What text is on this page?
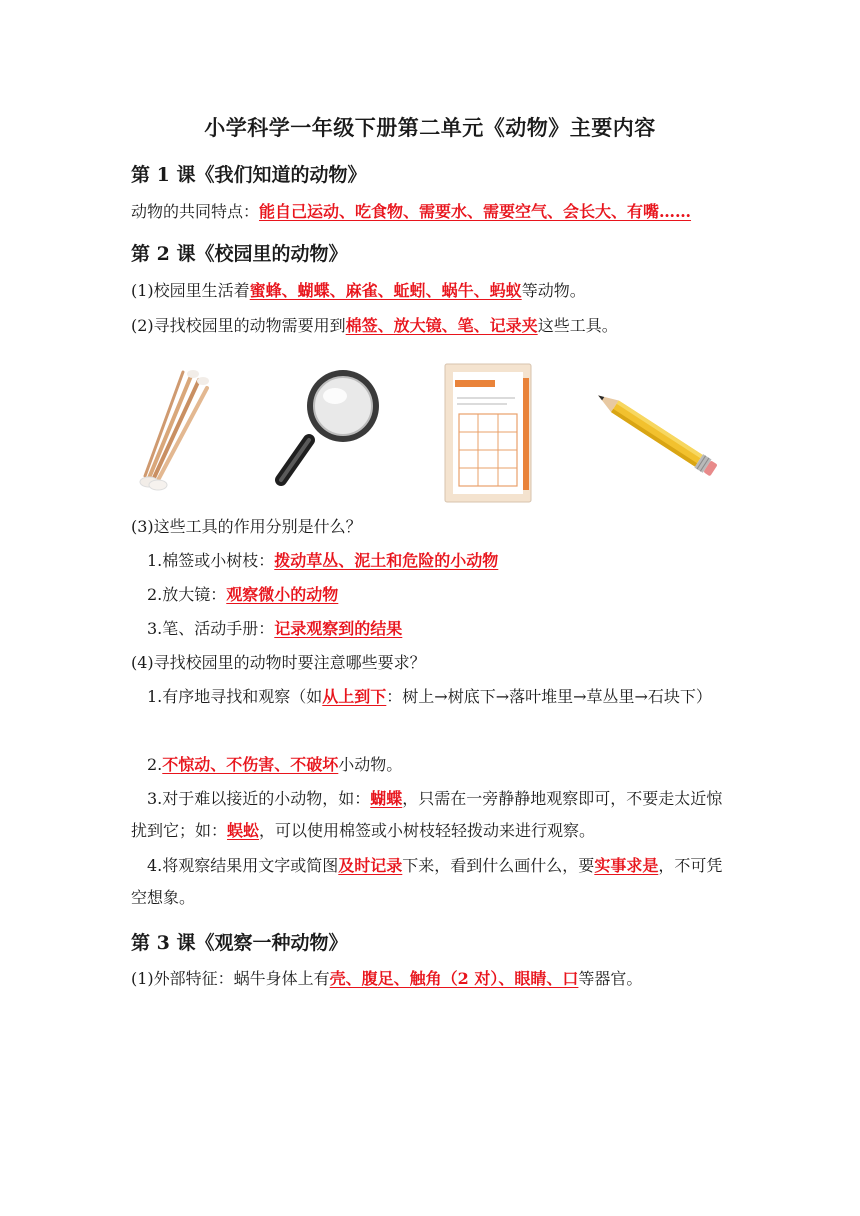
小学科学一年级下册第二单元《动物》主要内容
第 1 课《我们知道的动物》
动物的共同特点：能自己运动、吃食物、需要水、需要空气、会长大、有嘴……
第 2 课《校园里的动物》
(1)校园里生活着蜜蜂、蝴蝶、麻雀、蚯蚓、蜗牛、蚂蚁等动物。
(2)寻找校园里的动物需要用到棉签、放大镜、笔、记录夹这些工具。
(3)这些工具的作用分别是什么？
1.棉签或小树枝：拨动草丛、泥土和危险的小动物
2.放大镜：观察微小的动物
3.笔、活动手册：记录观察到的结果
(4)寻找校园里的动物时要注意哪些要求？
1.有序地寻找和观察（如从上到下：树上→树底下→落叶堆里→草丛里→石块下）
2.不惊动、不伤害、不破坏小动物。
3.对于难以接近的小动物，如：蝴蝶，只需在一旁静静地观察即可，不要走太近惊扰到它；如：蜈蚣，可以使用棉签或小树枝轻轻拨动来进行观察。
4.将观察结果用文字或简图及时记录下来，看到什么画什么，要实事求是，不可凭空想象。
第 3 课《观察一种动物》
(1)外部特征：蜗牛身体上有壳、腹足、触角（2 对）、眼睛、口等器官。
